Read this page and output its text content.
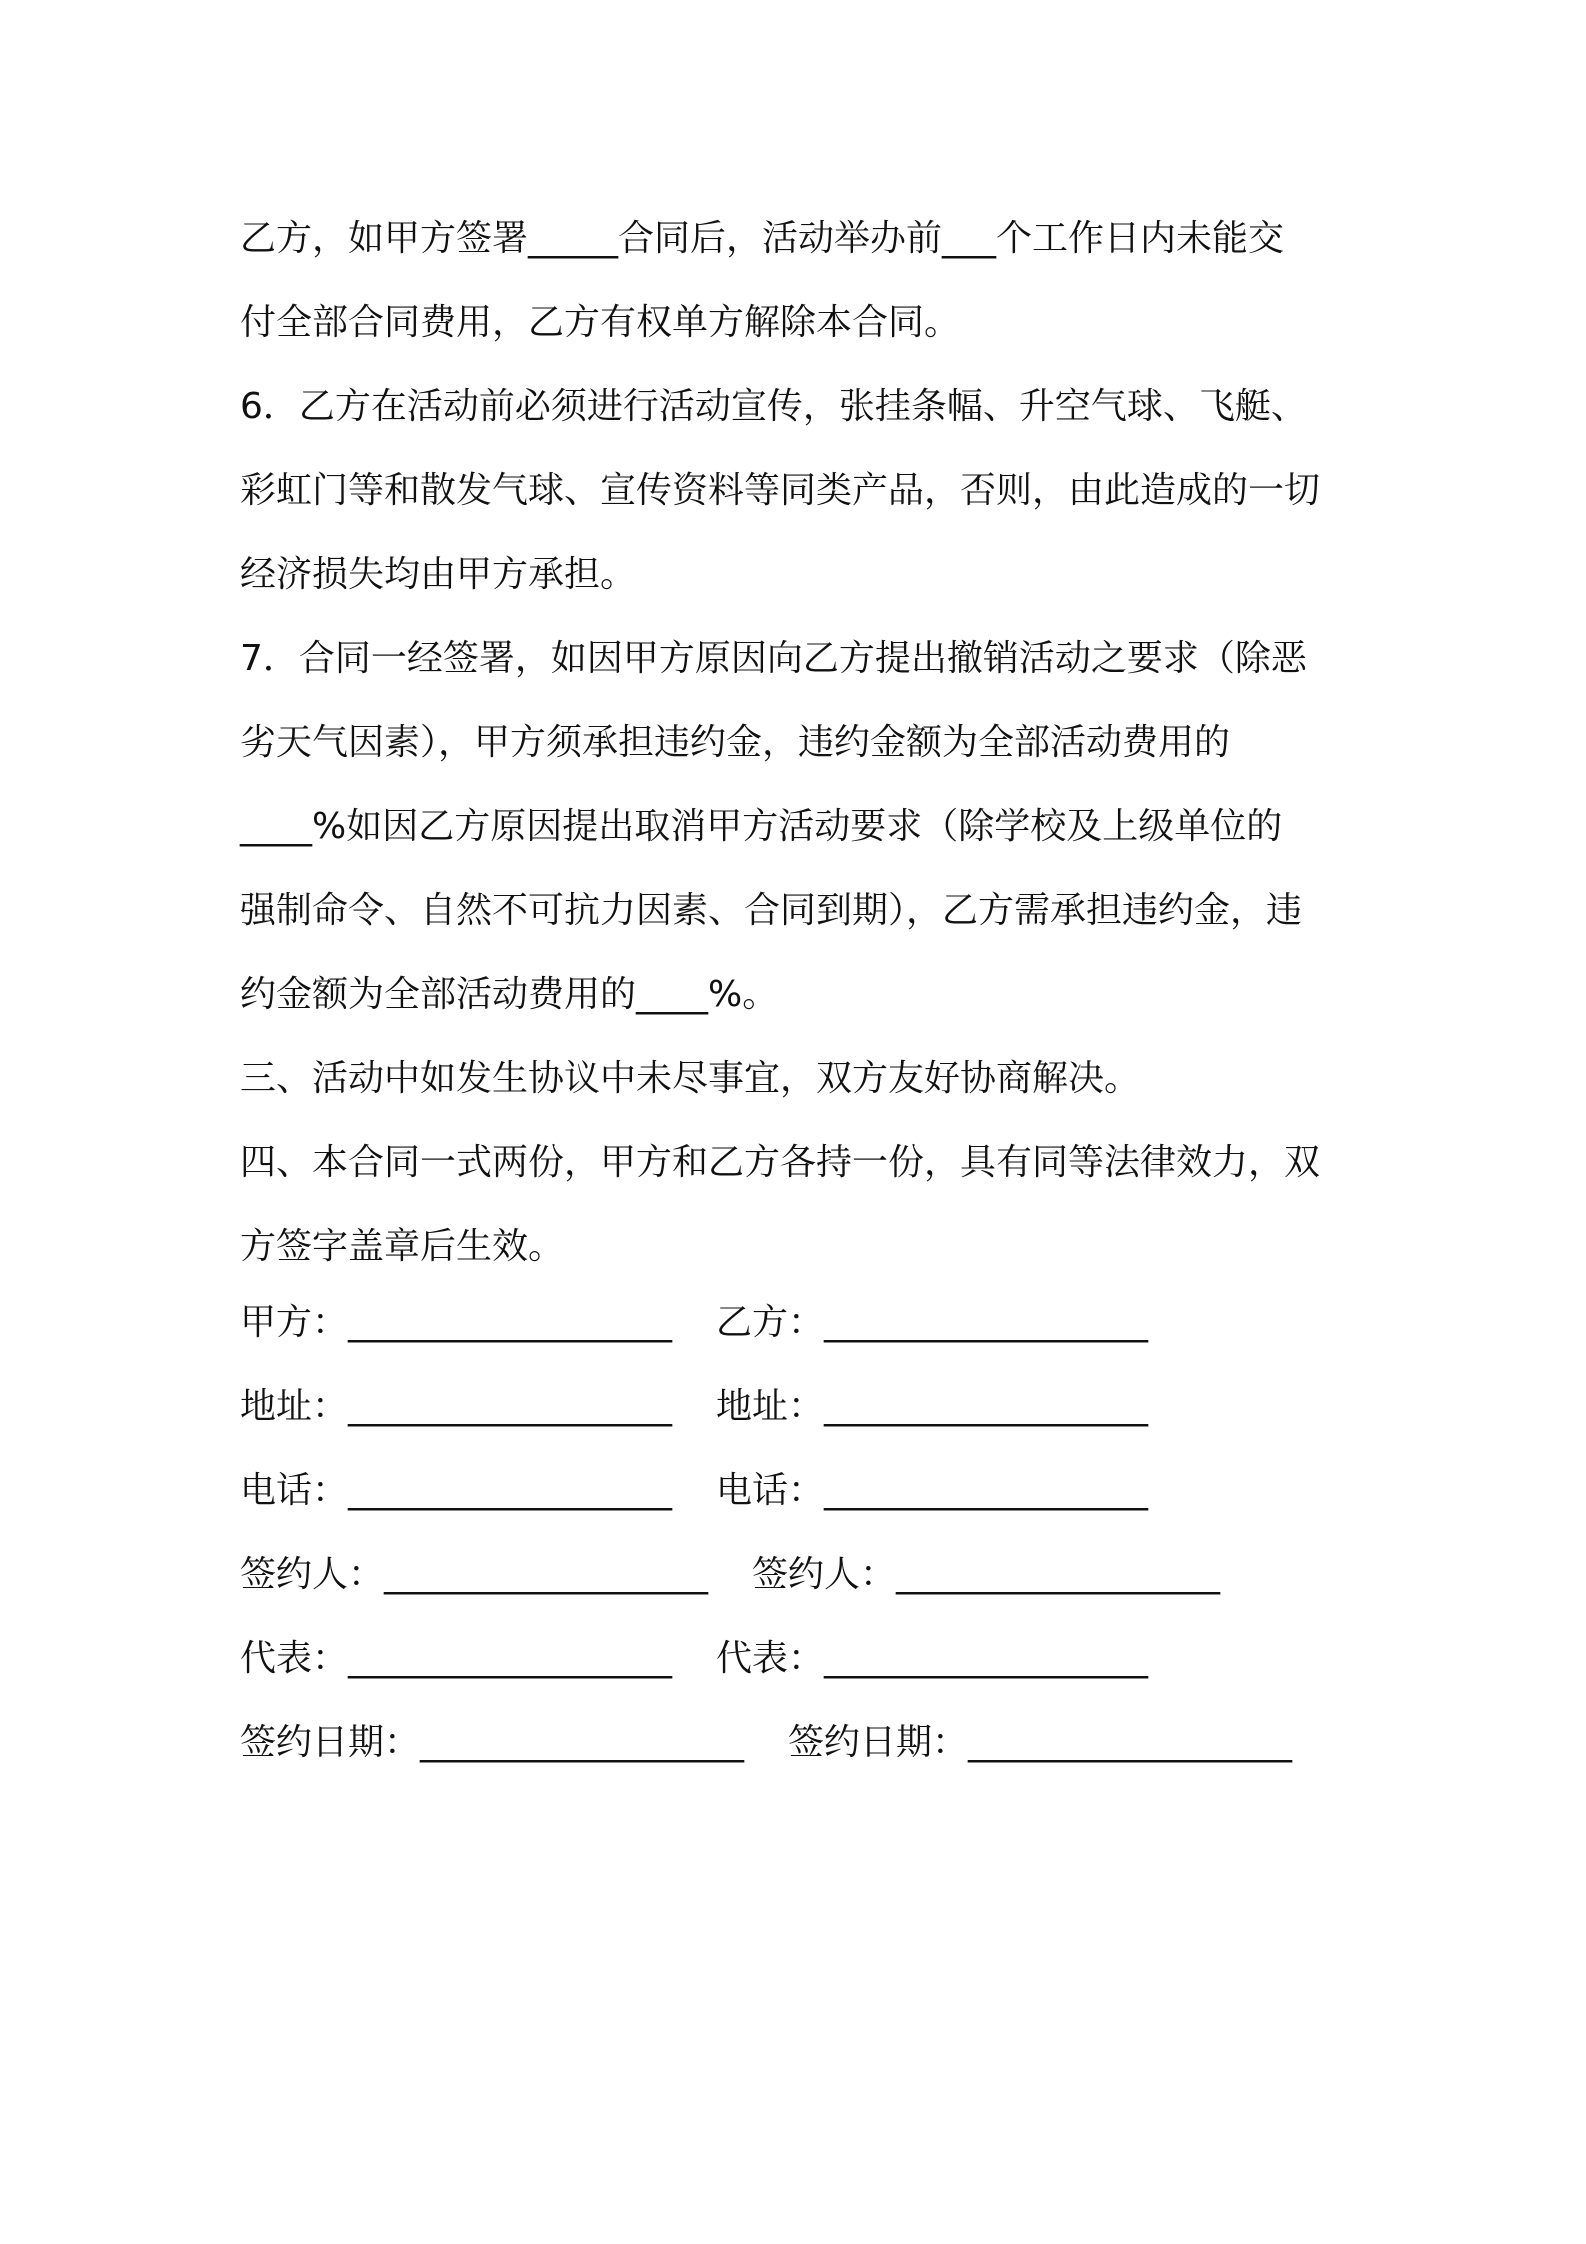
乙方，如甲方签署_____合同后，活动举办前___个工作日内未能交
付全部合同费用，乙方有权单方解除本合同。
6．乙方在活动前必须进行活动宣传，张挂条幅、升空气球、飞艇、
彩虹门等和散发气球、宣传资料等同类产品，否则，由此造成的一切
经济损失均由甲方承担。
7．合同一经签署，如因甲方原因向乙方提出撤销活动之要求（除恶
劣天气因素），甲方须承担违约金，违约金额为全部活动费用的
____%如因乙方原因提出取消甲方活动要求（除学校及上级单位的
强制命令、自然不可抗力因素、合同到期），乙方需承担违约金，违
约金额为全部活动费用的____%。
三、活动中如发生协议中未尽事宜，双方友好协商解决。
四、本合同一式两份，甲方和乙方各持一份，具有同等法律效力，双
方签字盖章后生效。
甲方：__________________ 乙方：__________________
地址：__________________ 地址：__________________
电话：__________________ 电话：__________________
签约人：__________________ 签约人：__________________
代表：__________________ 代表：__________________
签约日期：__________________ 签约日期：__________________
